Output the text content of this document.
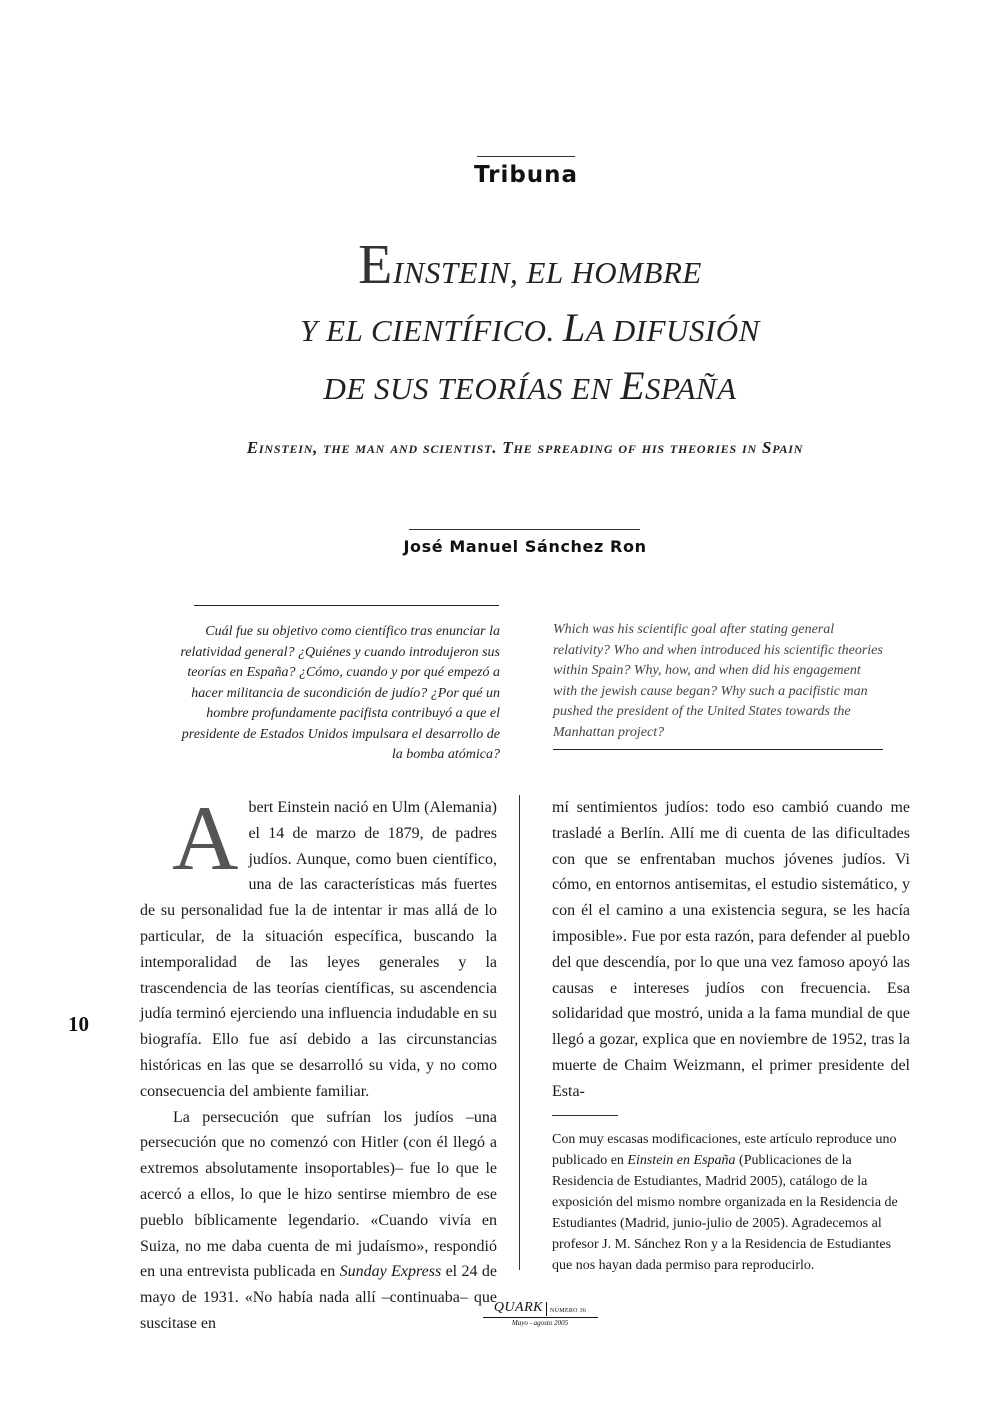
Tribuna
EINSTEIN, EL HOMBRE
Y EL CIENTÍFICO. LA DIFUSIÓN
DE SUS TEORÍAS EN ESPAÑA
Einstein, the man and scientist. The spreading of his theories in Spain
José Manuel Sánchez Ron
Cuál fue su objetivo como científico tras enunciar la relatividad general? ¿Quiénes y cuando introdujeron sus teorías en España? ¿Cómo, cuando y por qué empezó a hacer militancia de sucondición de judío? ¿Por qué un hombre profundamente pacifista contribuyó a que el presidente de Estados Unidos impulsara el desarrollo de la bomba atómica?
Which was his scientific goal after stating general relativity? Who and when introduced his scientific theories within Spain? Why, how, and when did his engagement with the jewish cause began? Why such a pacifistic man pushed the president of the United States towards the Manhattan project?

Abert Einstein nació en Ulm (Alemania) el 14 de marzo de 1879, de padres judíos. Aunque, como buen científico, una de las características más fuertes de su personalidad fue la de intentar ir mas allá de lo particular, de la situación específica, buscando la intemporalidad de las leyes generales y la trascendencia de las teorías científicas, su ascendencia judía terminó ejerciendo una influencia indudable en su biografía. Ello fue así debido a las circunstancias históricas en las que se desarrolló su vida, y no como consecuencia del ambiente familiar.

La persecución que sufrían los judíos –una persecución que no comenzó con Hitler (con él llegó a extremos absolutamente insoportables)– fue lo que le acercó a ellos, lo que le hizo sentirse miembro de ese pueblo bíblicamente legendario. «Cuando vivía en Suiza, no me daba cuenta de mi judaísmo», respondió en una entrevista publicada en Sunday Express el 24 de mayo de 1931. «No había nada allí –continuaba– que suscitase en

mí sentimientos judíos: todo eso cambió cuando me trasladé a Berlín. Allí me di cuenta de las dificultades con que se enfrentaban muchos jóvenes judíos. Vi cómo, en entornos antisemitas, el estudio sistemático, y con él el camino a una existencia segura, se les hacía imposible». Fue por esta razón, para defender al pueblo del que descendía, por lo que una vez famoso apoyó las causas e intereses judíos con frecuencia. Esa solidaridad que mostró, unida a la fama mundial de que llegó a gozar, explica que en noviembre de 1952, tras la muerte de Chaim Weizmann, el primer presidente del Esta-

Con muy escasas modificaciones, este artículo reproduce uno publicado en Einstein en España (Publicaciones de la Residencia de Estudiantes, Madrid 2005), catálogo de la exposición del mismo nombre organizada en la Residencia de Estudiantes (Madrid, junio-julio de 2005). Agradecemos al profesor J. M. Sánchez Ron y a la Residencia de Estudiantes que nos hayan dada permiso para reproducirlo.
10
QUARK NÚMERO 36
Mayo - agosto 2005
